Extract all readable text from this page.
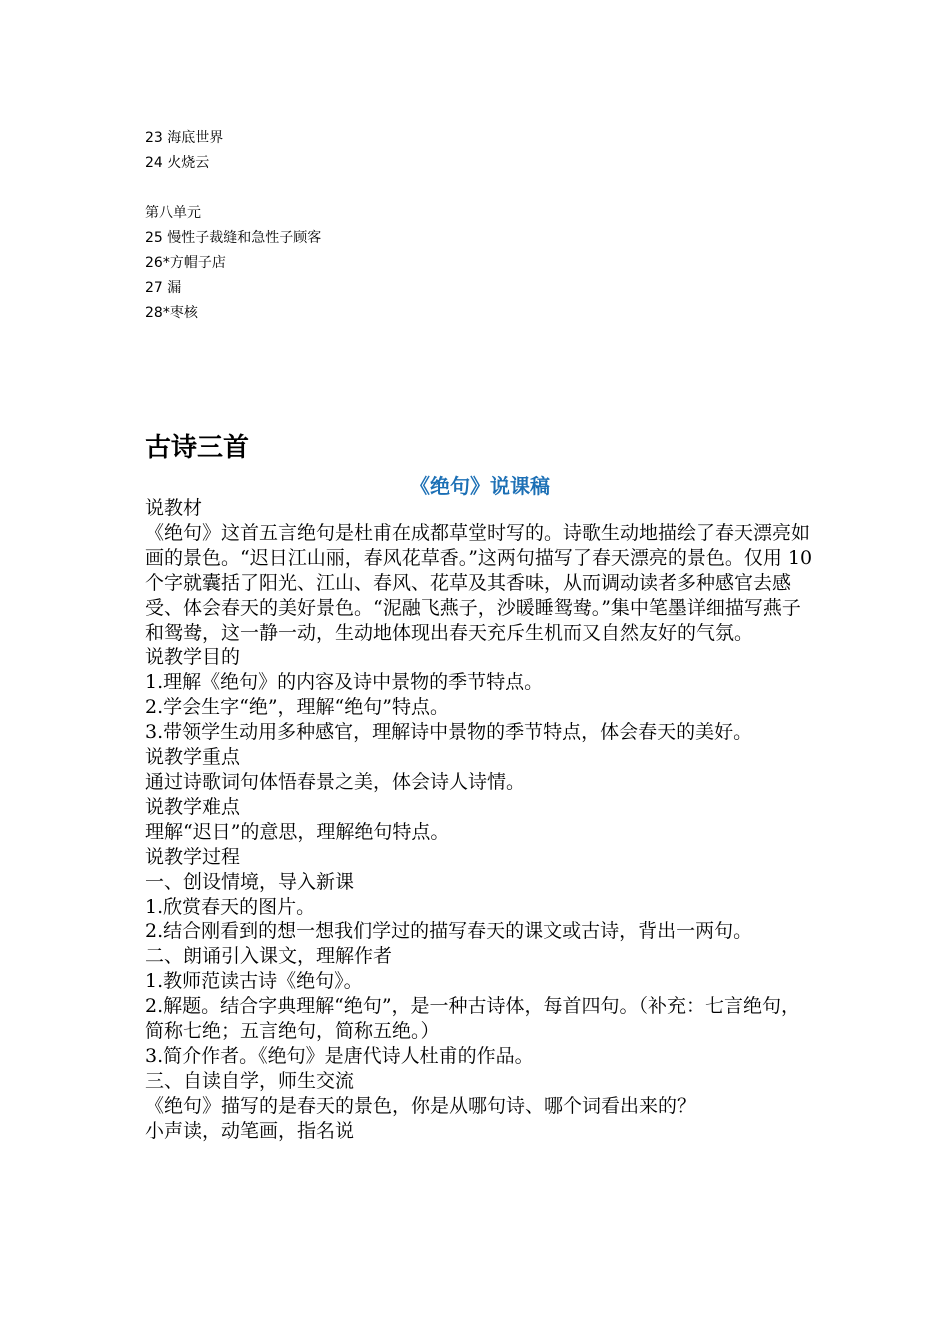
23 海底世界
24 火烧云
第八单元
25 慢性子裁缝和急性子顾客
26*方帽子店
27 漏
28*枣核
古诗三首
《绝句》说课稿

说教材

《绝句》这首五言绝句是杜甫在成都草堂时写的。诗歌生动地描绘了春天漂亮如画的景色。“迟日江山丽，春风花草香。”这两句描写了春天漂亮的景色。仅用 10 个字就囊括了阳光、江山、春风、花草及其香味，从而调动读者多种感官去感受、体会春天的美好景色。“泥融飞燕子，沙暖睡鸳鸯。”集中笔墨详细描写燕子和鸳鸯，这一静一动，生动地体现出春天充斥生机而又自然友好的气氛。

说教学目的

1.理解《绝句》的内容及诗中景物的季节特点。

2.学会生字“绝”，理解“绝句”特点。

3.带领学生动用多种感官，理解诗中景物的季节特点，体会春天的美好。

说教学重点

通过诗歌词句体悟春景之美，体会诗人诗情。

说教学难点

理解“迟日”的意思，理解绝句特点。

说教学过程

一、创设情境，导入新课

1.欣赏春天的图片。

2.结合刚看到的想一想我们学过的描写春天的课文或古诗，背出一两句。

二、朗诵引入课文，理解作者

1.教师范读古诗《绝句》。

2.解题。结合字典理解“绝句”，是一种古诗体，每首四句。（补充：七言绝句，简称七绝；五言绝句，简称五绝。）

3.简介作者。《绝句》是唐代诗人杜甫的作品。

三、自读自学，师生交流

《绝句》描写的是春天的景色，你是从哪句诗、哪个词看出来的？

小声读，动笔画，指名说
